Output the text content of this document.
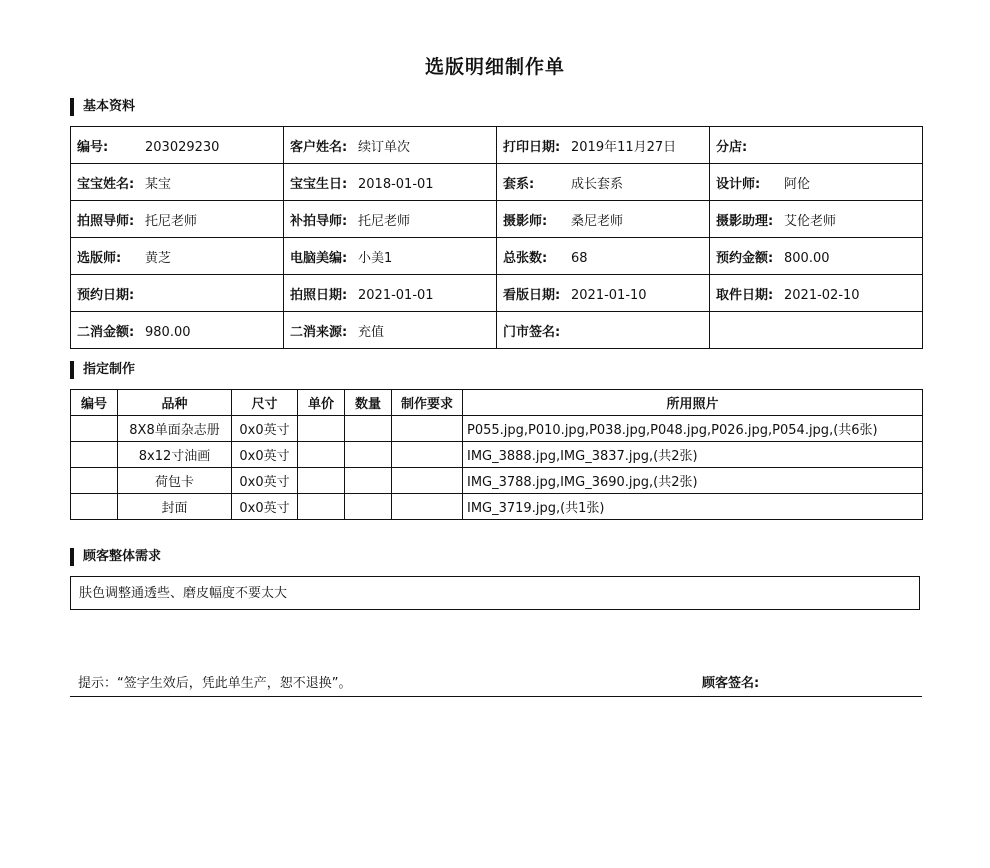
选版明细制作单
基本资料
编号: 203029230	客户姓名: 续订单次	打印日期: 2019年11月27日	分店:
宝宝姓名: 某宝	宝宝生日: 2018-01-01	套系: 成长套系	设计师: 阿伦
拍照导师: 托尼老师	补拍导师: 托尼老师	摄影师: 桑尼老师	摄影助理: 艾伦老师
选版师: 黄芝	电脑美编: 小美1	总张数: 68	预约金额: 800.00
预约日期:	拍照日期: 2021-01-01	看版日期: 2021-01-10	取件日期: 2021-02-10
二消金额: 980.00	二消来源: 充值	门市签名:	
指定制作
编号	品种	尺寸	单价	数量	制作要求	所用照片
	8X8单面杂志册	0x0英寸				P055.jpg,P010.jpg,P038.jpg,P048.jpg,P026.jpg,P054.jpg,(共6张)
	8x12寸油画	0x0英寸				IMG_3888.jpg,IMG_3837.jpg,(共2张)
	荷包卡	0x0英寸				IMG_3788.jpg,IMG_3690.jpg,(共2张)
	封面	0x0英寸				IMG_3719.jpg,(共1张)
顾客整体需求
肤色调整通透些、磨皮幅度不要太大
提示：“签字生效后，凭此单生产，恕不退换”。	顾客签名:
